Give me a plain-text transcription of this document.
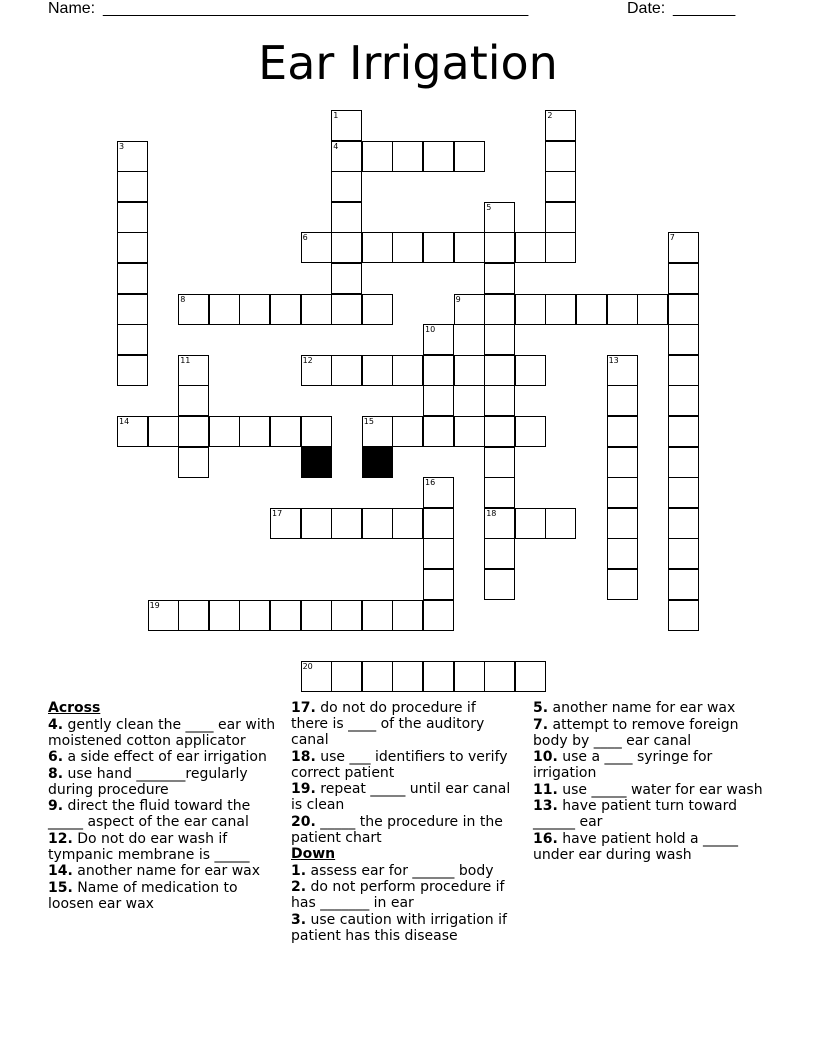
Name: __________________________________________________	Date: _______
Ear Irrigation
4
6
8	9
12
14	15
17	18
19
20
1	2
3
5
7
10
11	13
16
Across
4. gently clean the ____ ear with moistened cotton applicator
6. a side effect of ear irrigation
8. use hand _______regularly during procedure
9. direct the fluid toward the _____ aspect of the ear canal
12. Do not do ear wash if tympanic membrane is _____
14. another name for ear wax
15. Name of medication to loosen ear wax
17. do not do procedure if there is ____ of the auditory canal
18. use ___ identifiers to verify correct patient
19. repeat _____ until ear canal is clean
20. _____ the procedure in the patient chart
Down
1. assess ear for ______ body
2. do not perform procedure if has _______ in ear
3. use caution with irrigation if patient has this disease
5. another name for ear wax
7. attempt to remove foreign body by ____ ear canal
10. use a ____ syringe for irrigation
11. use _____ water for ear wash
13. have patient turn toward ______ ear
16. have patient hold a _____ under ear during wash
